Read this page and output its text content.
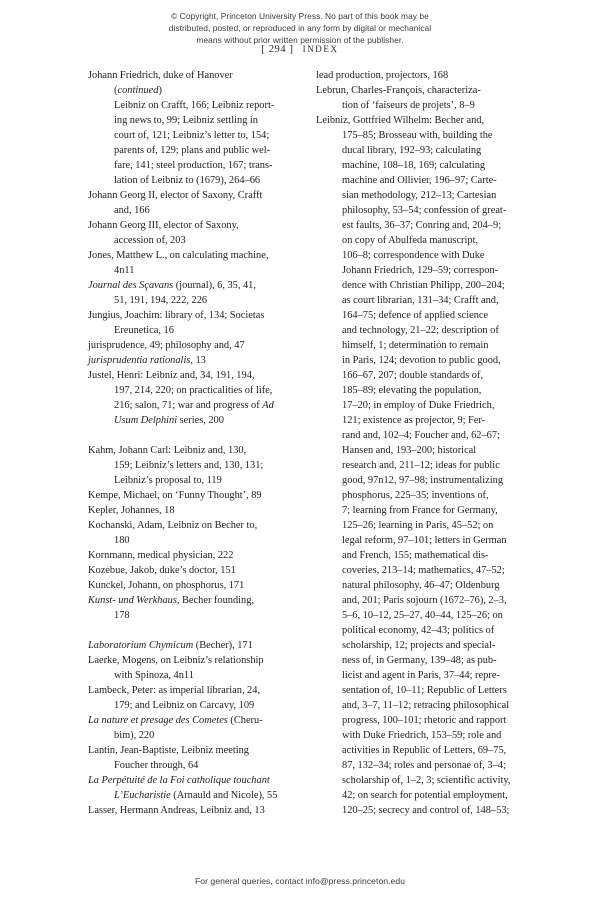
© Copyright, Princeton University Press. No part of this book may be
distributed, posted, or reproduced in any form by digital or mechanical
means without prior written permission of the publisher.
[ 294 ] INDEX
Johann Friedrich, duke of Hanover
(continued)
Leibniz on Crafft, 166; Leibniz report-
ing news to, 99; Leibniz settling in
court of, 121; Leibniz’s letter to, 154;
parents of, 129; plans and public wel-
fare, 141; steel production, 167; trans-
lation of Leibniz to (1679), 264–66
Johann Georg II, elector of Saxony, Crafft
and, 166
Johann Georg III, elector of Saxony,
accession of, 203
Jones, Matthew L., on calculating machine,
4n11
Journal des Sçavans (journal), 6, 35, 41,
51, 191, 194, 222, 226
Jungius, Joachim: library of, 134; Societas
Ereunetica, 16
jurisprudence, 49; philosophy and, 47
jurisprudentia rationalis, 13
Justel, Henri: Leibniz and, 34, 191, 194,
197, 214, 220; on practicalities of life,
216; salon, 71; war and progress of Ad
Usum Delphini series, 200
Kahm, Johann Carl: Leibniz and, 130,
159; Leibniz’s letters and, 130, 131;
Leibniz’s proposal to, 119
Kempe, Michael, on ‘Funny Thought’, 89
Kepler, Johannes, 18
Kochanski, Adam, Leibniz on Becher to,
180
Kornmann, medical physician, 222
Kozebue, Jakob, duke’s doctor, 151
Kunckel, Johann, on phosphorus, 171
Kunst- und Werkhaus, Becher founding,
178
Laboratorium Chymicum (Becher), 171
Laerke, Mogens, on Leibniz’s relationship
with Spinoza, 4n11
Lambeck, Peter: as imperial librarian, 24,
179; and Leibniz on Carcavy, 109
La nature et presage des Cometes (Cheru-
bim), 220
Lantin, Jean-Baptiste, Leibniz meeting
Foucher through, 64
La Perpétuité de la Foi catholique touchant
L’Eucharistie (Arnauld and Nicole), 55
Lasser, Hermann Andreas, Leibniz and, 13
lead production, projectors, 168
Lebrun, Charles-François, characteriza-
tion of ‘faiseurs de projets’, 8–9
Leibniz, Gottfried Wilhelm: Becher and,
175–85; Brosseau with, building the
ducal library, 192–93; calculating
machine, 108–18, 169; calculating
machine and Ollivier, 196–97; Carte-
sian methodology, 212–13; Cartesian
philosophy, 53–54; confession of great-
est faults, 36–37; Conring and, 204–9;
on copy of Abulfeda manuscript,
106–8; correspondence with Duke
Johann Friedrich, 129–59; correspon-
dence with Christian Philipp, 200–204;
as court librarian, 131–34; Crafft and,
164–75; defence of applied science
and technology, 21–22; description of
himself, 1; determination to remain
in Paris, 124; devotion to public good,
166–67, 207; double standards of,
185–89; elevating the population,
17–20; in employ of Duke Friedrich,
121; existence as projector, 9; Fer-
rand and, 102–4; Foucher and, 62–67;
Hansen and, 193–200; historical
research and, 211–12; ideas for public
good, 97n12, 97–98; instrumentalizing
phosphorus, 225–35; inventions of,
7; learning from France for Germany,
125–26; learning in Paris, 45–52; on
legal reform, 97–101; letters in German
and French, 155; mathematical dis-
coveries, 213–14; mathematics, 47–52;
natural philosophy, 46–47; Oldenburg
and, 201; Paris sojourn (1672–76), 2–3,
5–6, 10–12, 25–27, 40–44, 125–26; on
political economy, 42–43; politics of
scholarship, 12; projects and special-
ness of, in Germany, 139–48; as pub-
licist and agent in Paris, 37–44; repre-
sentation of, 10–11; Republic of Letters
and, 3–7, 11–12; retracing philosophical
progress, 100–101; rhetoric and rapport
with Duke Friedrich, 153–59; role and
activities in Republic of Letters, 69–75,
87, 132–34; roles and personae of, 3–4;
scholarship of, 1–2, 3; scientific activity,
42; on search for potential employment,
120–25; secrecy and control of, 148–53;
For general queries, contact info@press.princeton.edu
